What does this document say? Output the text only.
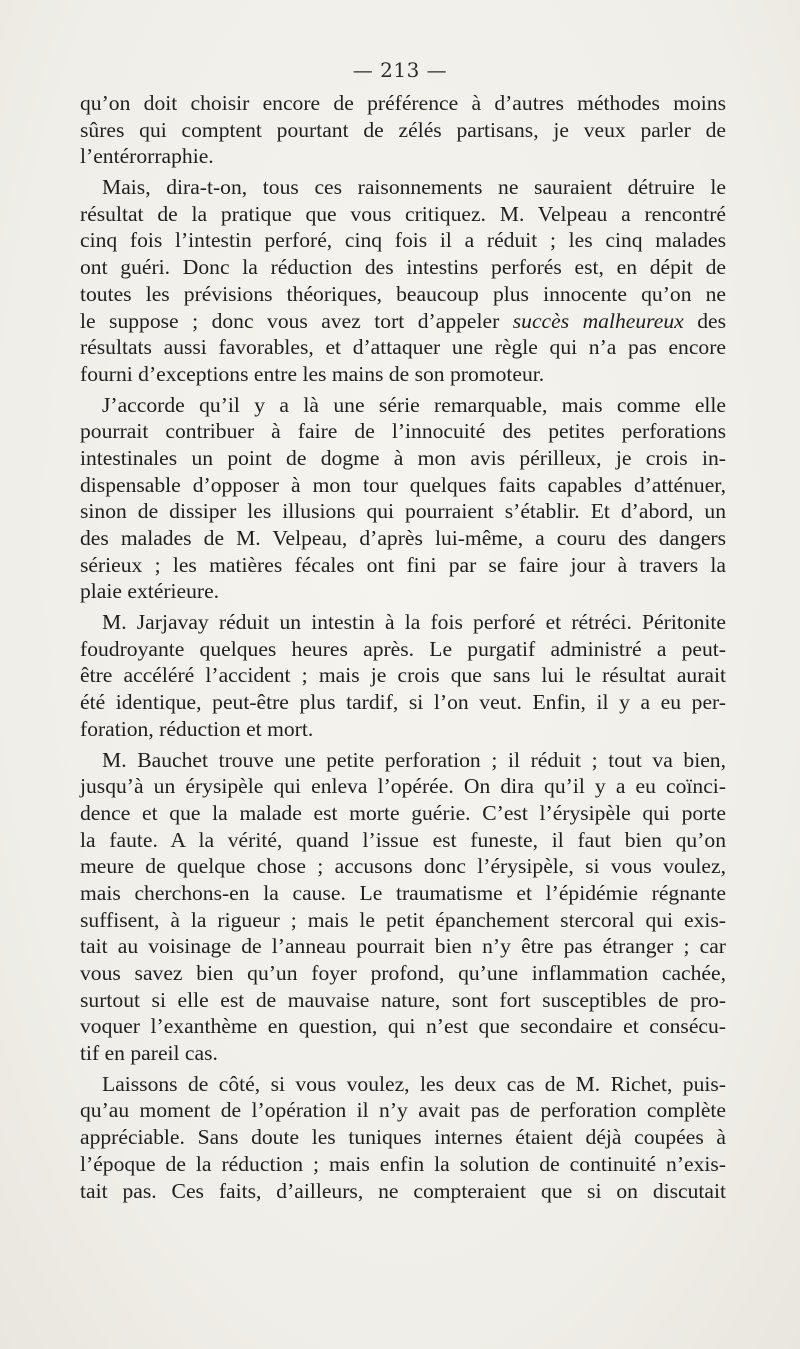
— 213 —
qu’on doit choisir encore de préférence à d’autres méthodes moins
sûres qui comptent pourtant de zélés partisans, je veux parler de
l’entérorraphie.
Mais, dira-t-on, tous ces raisonnements ne sauraient détruire le
résultat de la pratique que vous critiquez. M. Velpeau a rencontré
cinq fois l’intestin perforé, cinq fois il a réduit ; les cinq malades
ont guéri. Donc la réduction des intestins perforés est, en dépit de
toutes les prévisions théoriques, beaucoup plus innocente qu’on ne
le suppose ; donc vous avez tort d’appeler succès malheureux des
résultats aussi favorables, et d’attaquer une règle qui n’a pas encore
fourni d’exceptions entre les mains de son promoteur.
J’accorde qu’il y a là une série remarquable, mais comme elle
pourrait contribuer à faire de l’innocuité des petites perforations
intestinales un point de dogme à mon avis périlleux, je crois in-
dispensable d’opposer à mon tour quelques faits capables d’atténuer,
sinon de dissiper les illusions qui pourraient s’établir. Et d’abord, un
des malades de M. Velpeau, d’après lui-même, a couru des dangers
sérieux ; les matières fécales ont fini par se faire jour à travers la
plaie extérieure.
M. Jarjavay réduit un intestin à la fois perforé et rétréci. Péritonite
foudroyante quelques heures après. Le purgatif administré a peut-
être accéléré l’accident ; mais je crois que sans lui le résultat aurait
été identique, peut-être plus tardif, si l’on veut. Enfin, il y a eu per-
foration, réduction et mort.
M. Bauchet trouve une petite perforation ; il réduit ; tout va bien,
jusqu’à un érysipèle qui enleva l’opérée. On dira qu’il y a eu coïnci-
dence et que la malade est morte guérie. C’est l’érysipèle qui porte
la faute. A la vérité, quand l’issue est funeste, il faut bien qu’on
meure de quelque chose ; accusons donc l’érysipèle, si vous voulez,
mais cherchons-en la cause. Le traumatisme et l’épidémie régnante
suffisent, à la rigueur ; mais le petit épanchement stercoral qui exis-
tait au voisinage de l’anneau pourrait bien n’y être pas étranger ; car
vous savez bien qu’un foyer profond, qu’une inflammation cachée,
surtout si elle est de mauvaise nature, sont fort susceptibles de pro-
voquer l’exanthème en question, qui n’est que secondaire et consécu-
tif en pareil cas.
Laissons de côté, si vous voulez, les deux cas de M. Richet, puis-
qu’au moment de l’opération il n’y avait pas de perforation complète
appréciable. Sans doute les tuniques internes étaient déjà coupées à
l’époque de la réduction ; mais enfin la solution de continuité n’exis-
tait pas. Ces faits, d’ailleurs, ne compteraient que si on discutait
